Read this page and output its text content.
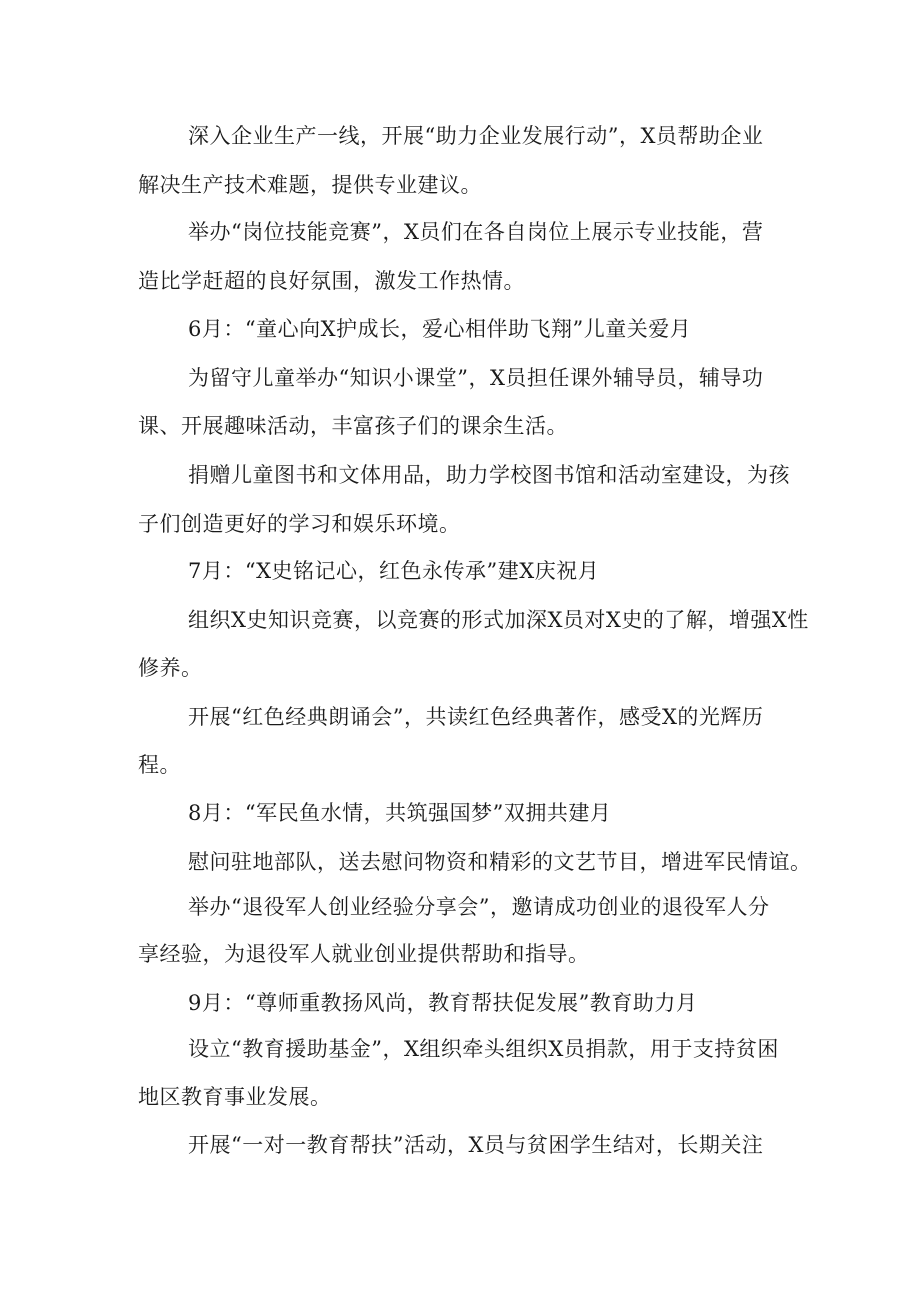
深入企业生产一线，开展“助力企业发展行动”，X员帮助企业
解决生产技术难题，提供专业建议。
举办“岗位技能竞赛”，X员们在各自岗位上展示专业技能，营
造比学赶超的良好氛围，激发工作热情。
6月：“童心向X护成长，爱心相伴助飞翔”儿童关爱月
为留守儿童举办“知识小课堂”，X员担任课外辅导员，辅导功
课、开展趣味活动，丰富孩子们的课余生活。
捐赠儿童图书和文体用品，助力学校图书馆和活动室建设，为孩
子们创造更好的学习和娱乐环境。
7月：“X史铭记心，红色永传承”建X庆祝月
组织X史知识竞赛，以竞赛的形式加深X员对X史的了解，增强X性
修养。
开展“红色经典朗诵会”，共读红色经典著作，感受X的光辉历
程。
8月：“军民鱼水情，共筑强国梦”双拥共建月
慰问驻地部队，送去慰问物资和精彩的文艺节目，增进军民情谊。
举办“退役军人创业经验分享会”，邀请成功创业的退役军人分
享经验，为退役军人就业创业提供帮助和指导。
9月：“尊师重教扬风尚，教育帮扶促发展”教育助力月
设立“教育援助基金”，X组织牵头组织X员捐款，用于支持贫困
地区教育事业发展。
开展“一对一教育帮扶”活动，X员与贫困学生结对，长期关注
